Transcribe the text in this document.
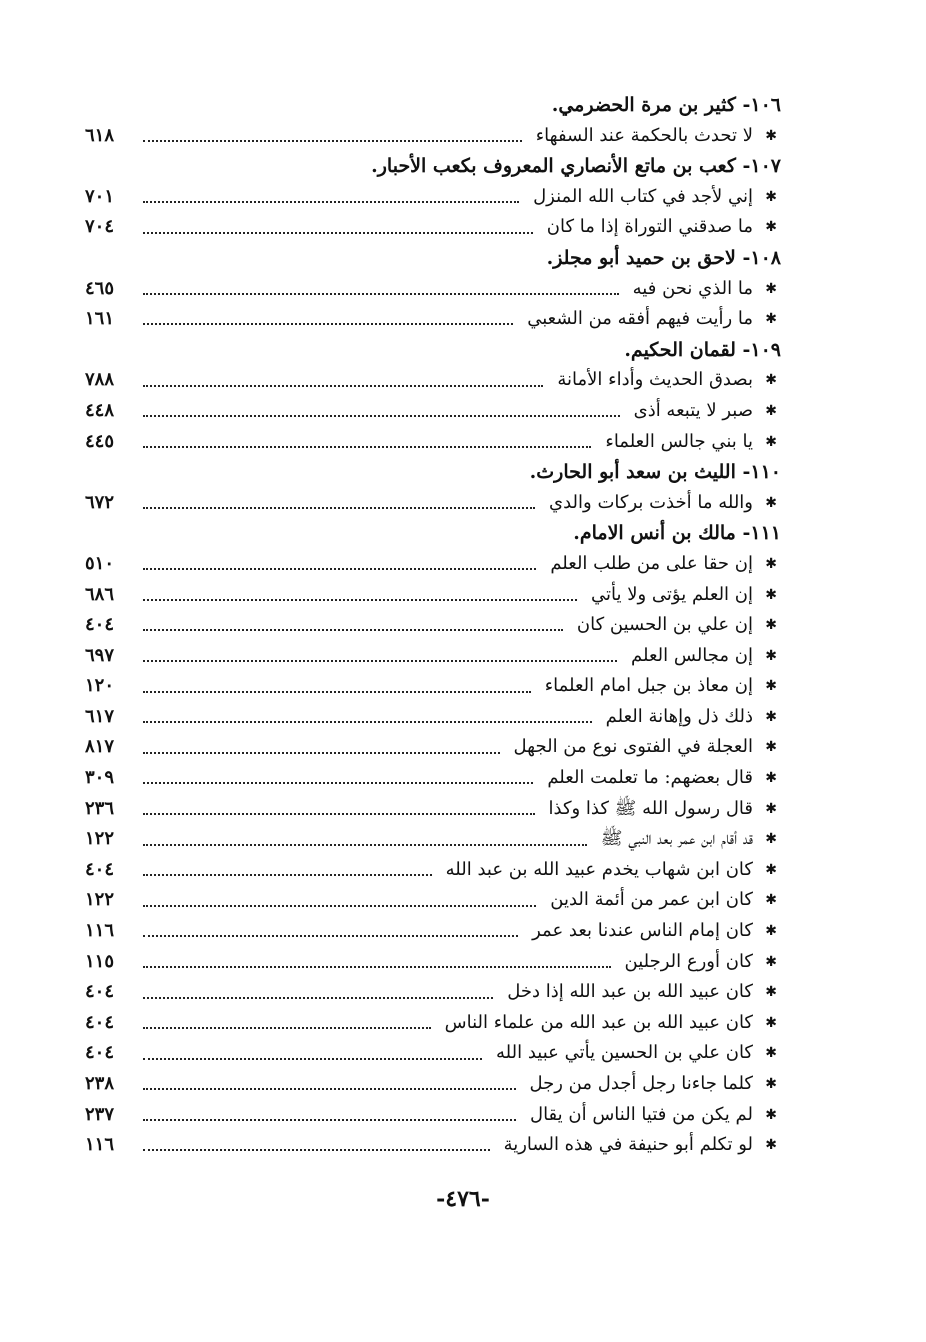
١٠٦- كثير بن مرة الحضرمي.
✱
لا تحدث بالحكمة عند السفهاء
٦١٨
١٠٧- كعب بن ماتع الأنصاري المعروف بكعب الأحبار.
✱
إني لأجد في كتاب الله المنزل
٧٠١
✱
ما صدقني التوراة إذا ما كان
٧٠٤
١٠٨- لاحق بن حميد أبو مجلز.
✱
ما الذي نحن فيه
٤٦٥
✱
ما رأيت فيهم أفقه من الشعبي
١٦١
١٠٩- لقمان الحكيم.
✱
بصدق الحديث وأداء الأمانة
٧٨٨
✱
صبر لا يتبعه أذى
٤٤٨
✱
يا بني جالس العلماء
٤٤٥
١١٠- الليث بن سعد أبو الحارث.
✱
والله ما أخذت بركات والدي
٦٧٢
١١١- مالك بن أنس الامام.
✱
إن حقا على من طلب العلم
٥١٠
✱
إن العلم يؤتى ولا يأتي
٦٨٦
✱
إن علي بن الحسين كان
٤٠٤
✱
إن مجالس العلم
٦٩٧
✱
إن معاذ بن جبل امام العلماء
١٢٠
✱
ذلك ذل وإهانة العلم
٦١٧
✱
العجلة في الفتوى نوع من الجهل
٨١٧
✱
قال بعضهم: ما تعلمت العلم
٣٠٩
✱
قال رسول الله ﷺ كذا وكذا
٢٣٦
✱
قد أقام ابن عمر بعد النبي ﷺ
١٢٢
✱
كان ابن شهاب يخدم عبيد الله بن عبد الله
٤٠٤
✱
كان ابن عمر من أئمة الدين
١٢٢
✱
كان إمام الناس عندنا بعد عمر
١١٦
✱
كان أورع الرجلين
١١٥
✱
كان عبيد الله بن عبد الله إذا دخل
٤٠٤
✱
كان عبيد الله بن عبد الله من علماء الناس
٤٠٤
✱
كان علي بن الحسين يأتي عبيد الله
٤٠٤
✱
كلما جاءنا رجل أجدل من رجل
٢٣٨
✱
لم يكن من فتيا الناس أن يقال
٢٣٧
✱
لو تكلم أبو حنيفة في هذه السارية
١١٦
-٤٧٦-
